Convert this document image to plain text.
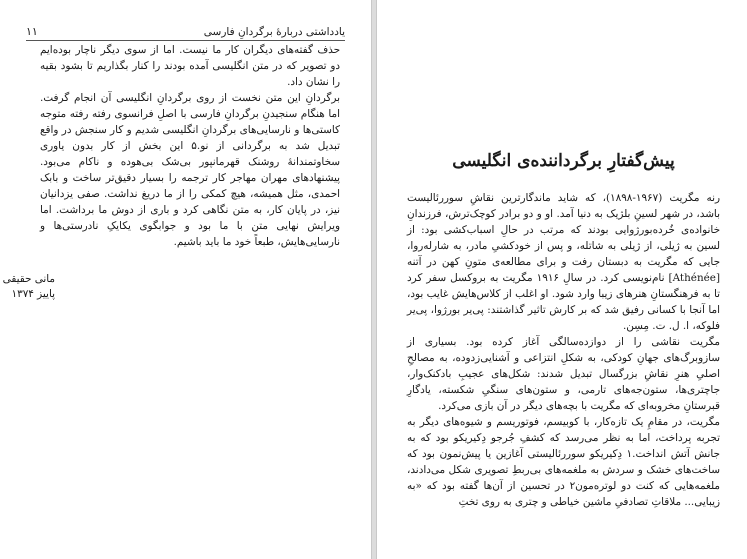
۱۱	یادداشتی دربارهٔ برگردانِ فارسی

حذف گفته‌های دیگران کار ما نیست. اما از سوی دیگر ناچار بوده‌ایم دو تصویر که در متن انگلیسی آمده بودند را کنار بگذاریم تا بشود بقیه را نشان داد.

برگردانِ این متن نخست از روی برگردانِ انگلیسی آن انجام گرفت. اما هنگام سنجیدنِ برگردانِ فارسی با اصلِ فرانسوی رفته رفته متوجه کاستی‌ها و نارسایی‌های برگردانِ انگلیسی شدیم و کار سنجش در واقع تبدیل شد به برگردانی از نو.۵ این بخش از کار بدون یاوری سخاوتمندانهٔ روشنک قهرمانپور بی‌شک بی‌هوده و ناکام می‌بود. پیشنهادهای مهران مهاجر کار ترجمه را بسیار دقیق‌تر ساخت و بابک احمدی، مثل همیشه، هیچ کمکی را از ما دریغ نداشت. صفی یزدانیان نیز، در پایان کار، به متن نگاهی کرد و باری از دوش ما برداشت. اما ویرایش نهایی متن با ما بود و جوابگوی یکایکِ نادرستی‌ها و نارسایی‌هایش، طبعاً خود ما باید باشیم.

مانی حقیقی
پاییز ۱۳۷۴
پیش‌گفتارِ برگرداننده‌ی انگلیسی

رنه مگریت (۱۹۶۷-۱۸۹۸)، که شاید ماندگارترین نقاشِ سوررئالیست باشد، در شهر لسینِ بلژیک به دنیا آمد. او و دو برادر کوچک‌ترش، فرزندانِ خانواده‌ی خُرده‌بورژوایی بودند که مرتب در حالِ اسباب‌کشی بود: از لسین به ژیلی، از ژیلی به شاتله، و پس از خودکشیِ مادر، به شارله‌روا، جایی که مگریت به دبستان رفت و برای مطالعه‌ی متونِ کهن در آتنه [Athénée] نام‌نویسی کرد. در سالِ ۱۹۱۶ مگریت به بروکسل سفر کرد تا به فرهنگستانِ هنرهای زیبا وارد شود. او اغلب از کلاس‌هایش غایب بود، اما آنجا با کسانی رفیق شد که بر کارش تاثیر گذاشتند: پی‌یر بورژوا، پی‌یر فلوکه، ا. ل. ت. مِسِن.

مگریت نقاشی را از دوازده‌سالگی آغاز کرده بود. بسیاری از سازوبرگ‌های جهانِ کودکی، به شکلِ انتزاعی و آشنایی‌زدوده، به مصالحِ اصلیِ هنرِ نقاشِ بزرگسال تبدیل شدند: شکل‌های عجیبِ بادکنک‌وار، جاچتری‌ها، ستون‌جه‌های تارمی، و ستون‌های سنگیِ شکسته، یادگارِ قبرستانِ مخروبه‌ای که مگریت با بچه‌های دیگر در آن بازی می‌کرد.

مگریت، در مقامِ یک تازه‌کار، با کوبیسم، فوتوریسم و شیوه‌های دیگر به تجربه پرداخت، اما به نظر می‌رسد که کشفِ جُرجو دِکیریکو بود که به جانش آتش انداخت.۱ دِکیریکو سوررئالیستی آغازین یا پیش‌نمون بود که ساخت‌های خشک و سردش به ملغمه‌های بی‌ربطِ تصویری شکل می‌دادند، ملغمه‌هایی که کنت دو لوتره‌مون۲ در تحسین از آن‌ها گفته بود که «به زیبایی... ملاقاتِ تصادفیِ ماشین خیاطی و چتری به روی تختِ
